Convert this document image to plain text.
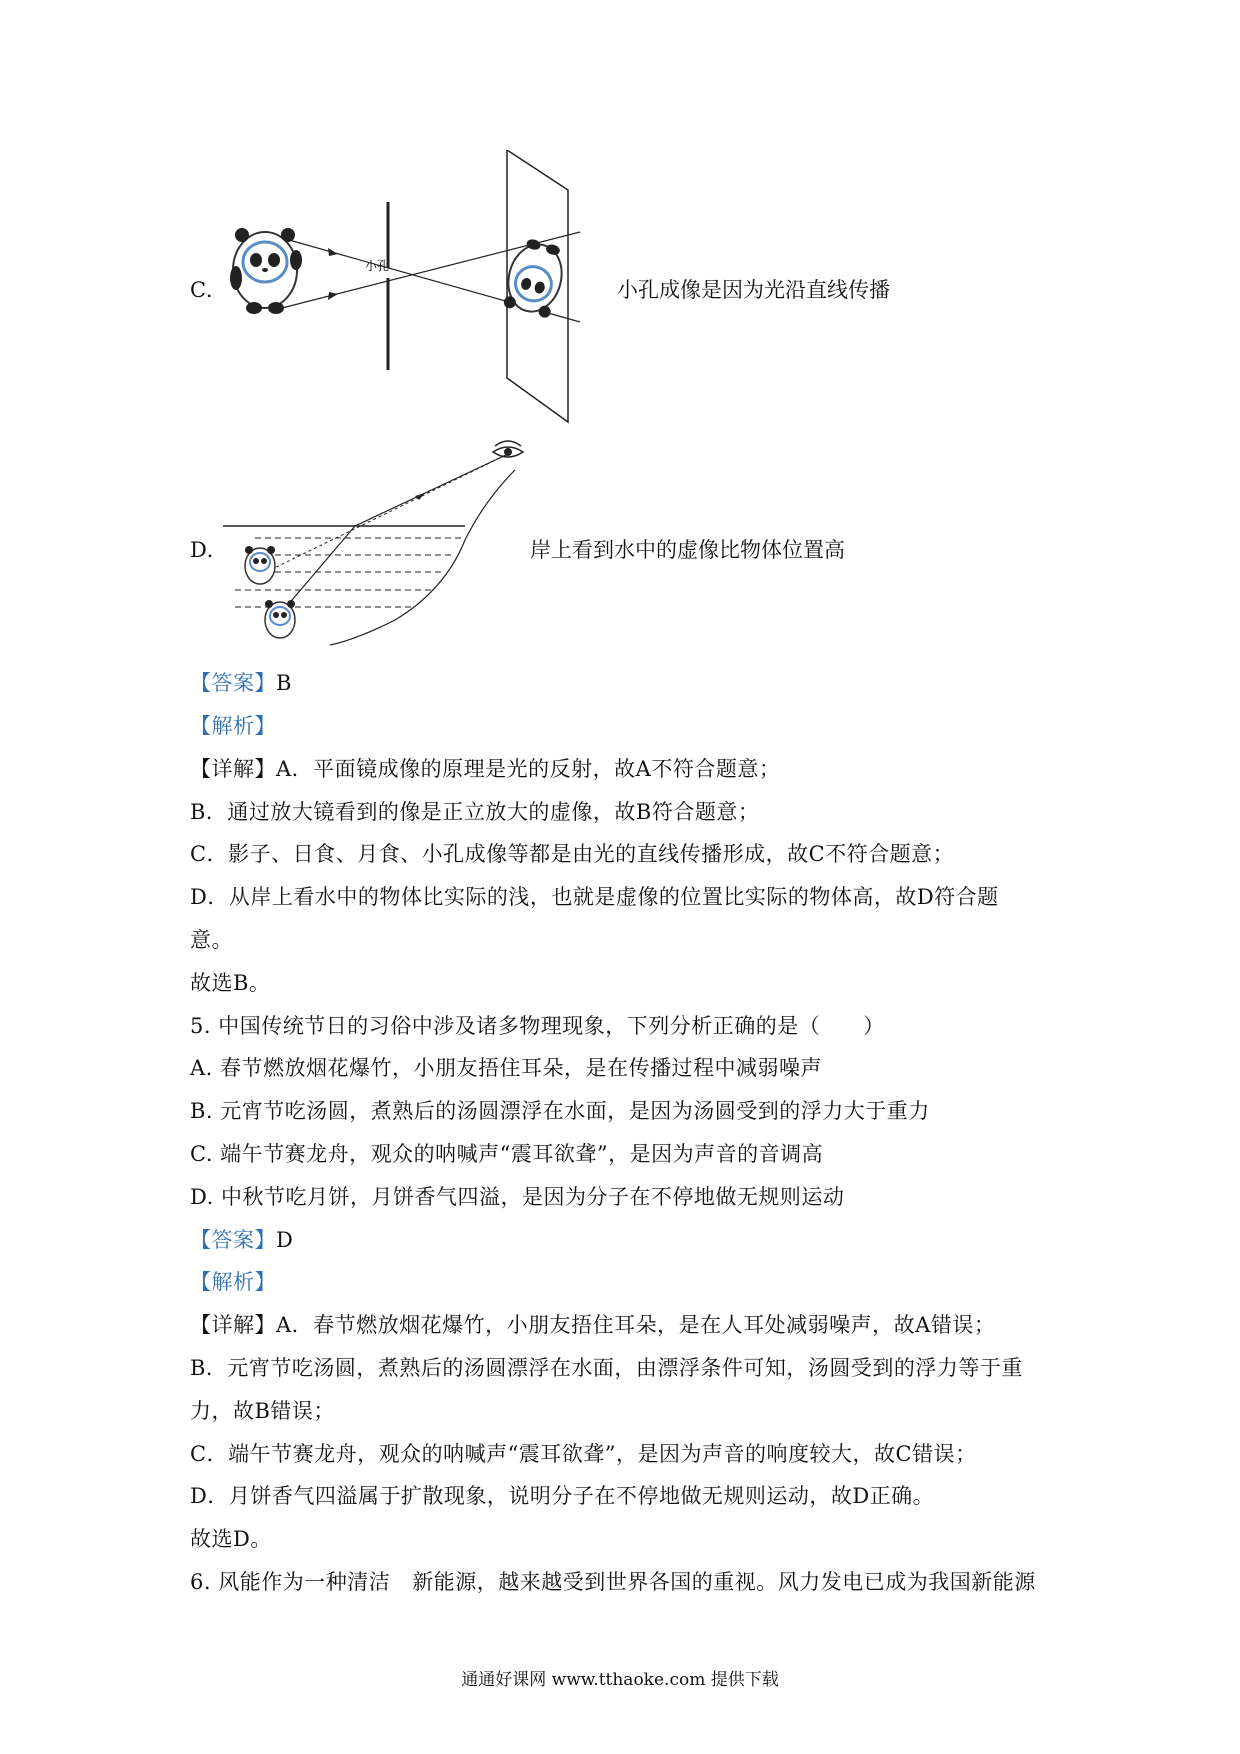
C.
小孔
小孔成像是因为光沿直线传播
D.	岸上看到水中的虚像比物体位置高
【答案】B
【解析】
【详解】A．平面镜成像的原理是光的反射，故A不符合题意；
B．通过放大镜看到的像是正立放大的虚像，故B符合题意；
C．影子、日食、月食、小孔成像等都是由光的直线传播形成，故C不符合题意；
D．从岸上看水中的物体比实际的浅，也就是虚像的位置比实际的物体高，故D符合题
意。
故选B。
5. 中国传统节日的习俗中涉及诸多物理现象，下列分析正确的是（　　）
A. 春节燃放烟花爆竹，小朋友捂住耳朵，是在传播过程中减弱噪声
B. 元宵节吃汤圆，煮熟后的汤圆漂浮在水面，是因为汤圆受到的浮力大于重力
C. 端午节赛龙舟，观众的呐喊声“震耳欲聋”，是因为声音的音调高
D. 中秋节吃月饼，月饼香气四溢，是因为分子在不停地做无规则运动
【答案】D
【解析】
【详解】A．春节燃放烟花爆竹，小朋友捂住耳朵，是在人耳处减弱噪声，故A错误；
B．元宵节吃汤圆，煮熟后的汤圆漂浮在水面，由漂浮条件可知，汤圆受到的浮力等于重
力，故B错误；
C．端午节赛龙舟，观众的呐喊声“震耳欲聋”，是因为声音的响度较大，故C错误；
D．月饼香气四溢属于扩散现象，说明分子在不停地做无规则运动，故D正确。
故选D。
6. 风能作为一种清洁 新能源，越来越受到世界各国的重视。风力发电已成为我国新能源
通通好课网 www.tthaoke.com 提供下载
